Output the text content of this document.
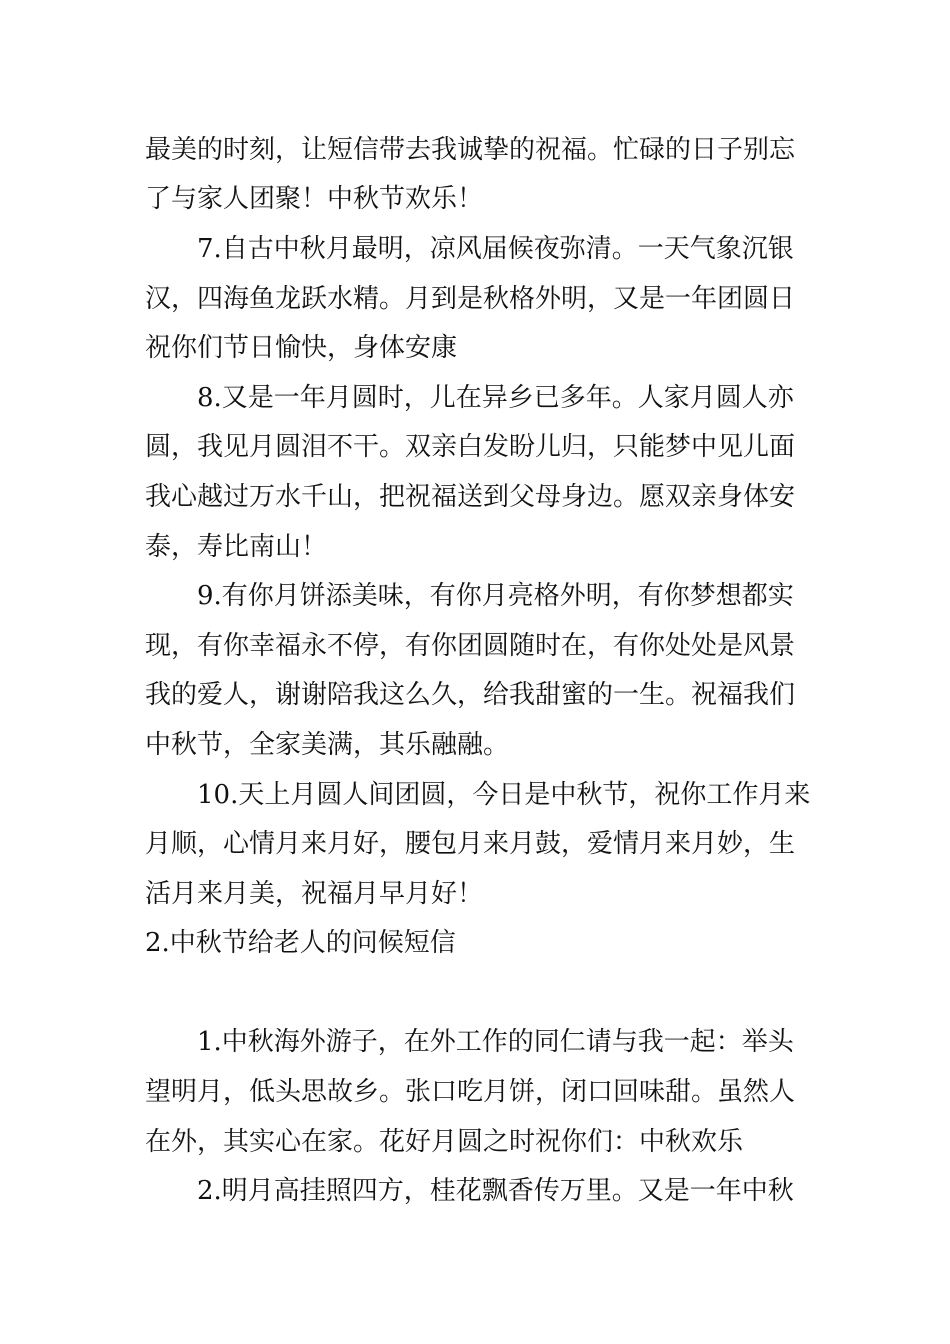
最美的时刻，让短信带去我诚挚的祝福。忙碌的日子别忘
了与家人团聚！中秋节欢乐！
7.自古中秋月最明，凉风届候夜弥清。一天气象沉银
汉，四海鱼龙跃水精。月到是秋格外明，又是一年团圆日
祝你们节日愉快，身体安康
8.又是一年月圆时，儿在异乡已多年。人家月圆人亦
圆，我见月圆泪不干。双亲白发盼儿归，只能梦中见儿面
我心越过万水千山，把祝福送到父母身边。愿双亲身体安
泰，寿比南山！
9.有你月饼添美味，有你月亮格外明，有你梦想都实
现，有你幸福永不停，有你团圆随时在，有你处处是风景
我的爱人，谢谢陪我这么久，给我甜蜜的一生。祝福我们
中秋节，全家美满，其乐融融。
10.天上月圆人间团圆，今日是中秋节，祝你工作月来
月顺，心情月来月好，腰包月来月鼓，爱情月来月妙，生
活月来月美，祝福月早月好！
2.中秋节给老人的问候短信
1.中秋海外游子，在外工作的同仁请与我一起：举头
望明月，低头思故乡。张口吃月饼，闭口回味甜。虽然人
在外，其实心在家。花好月圆之时祝你们：中秋欢乐
2.明月高挂照四方，桂花飘香传万里。又是一年中秋
